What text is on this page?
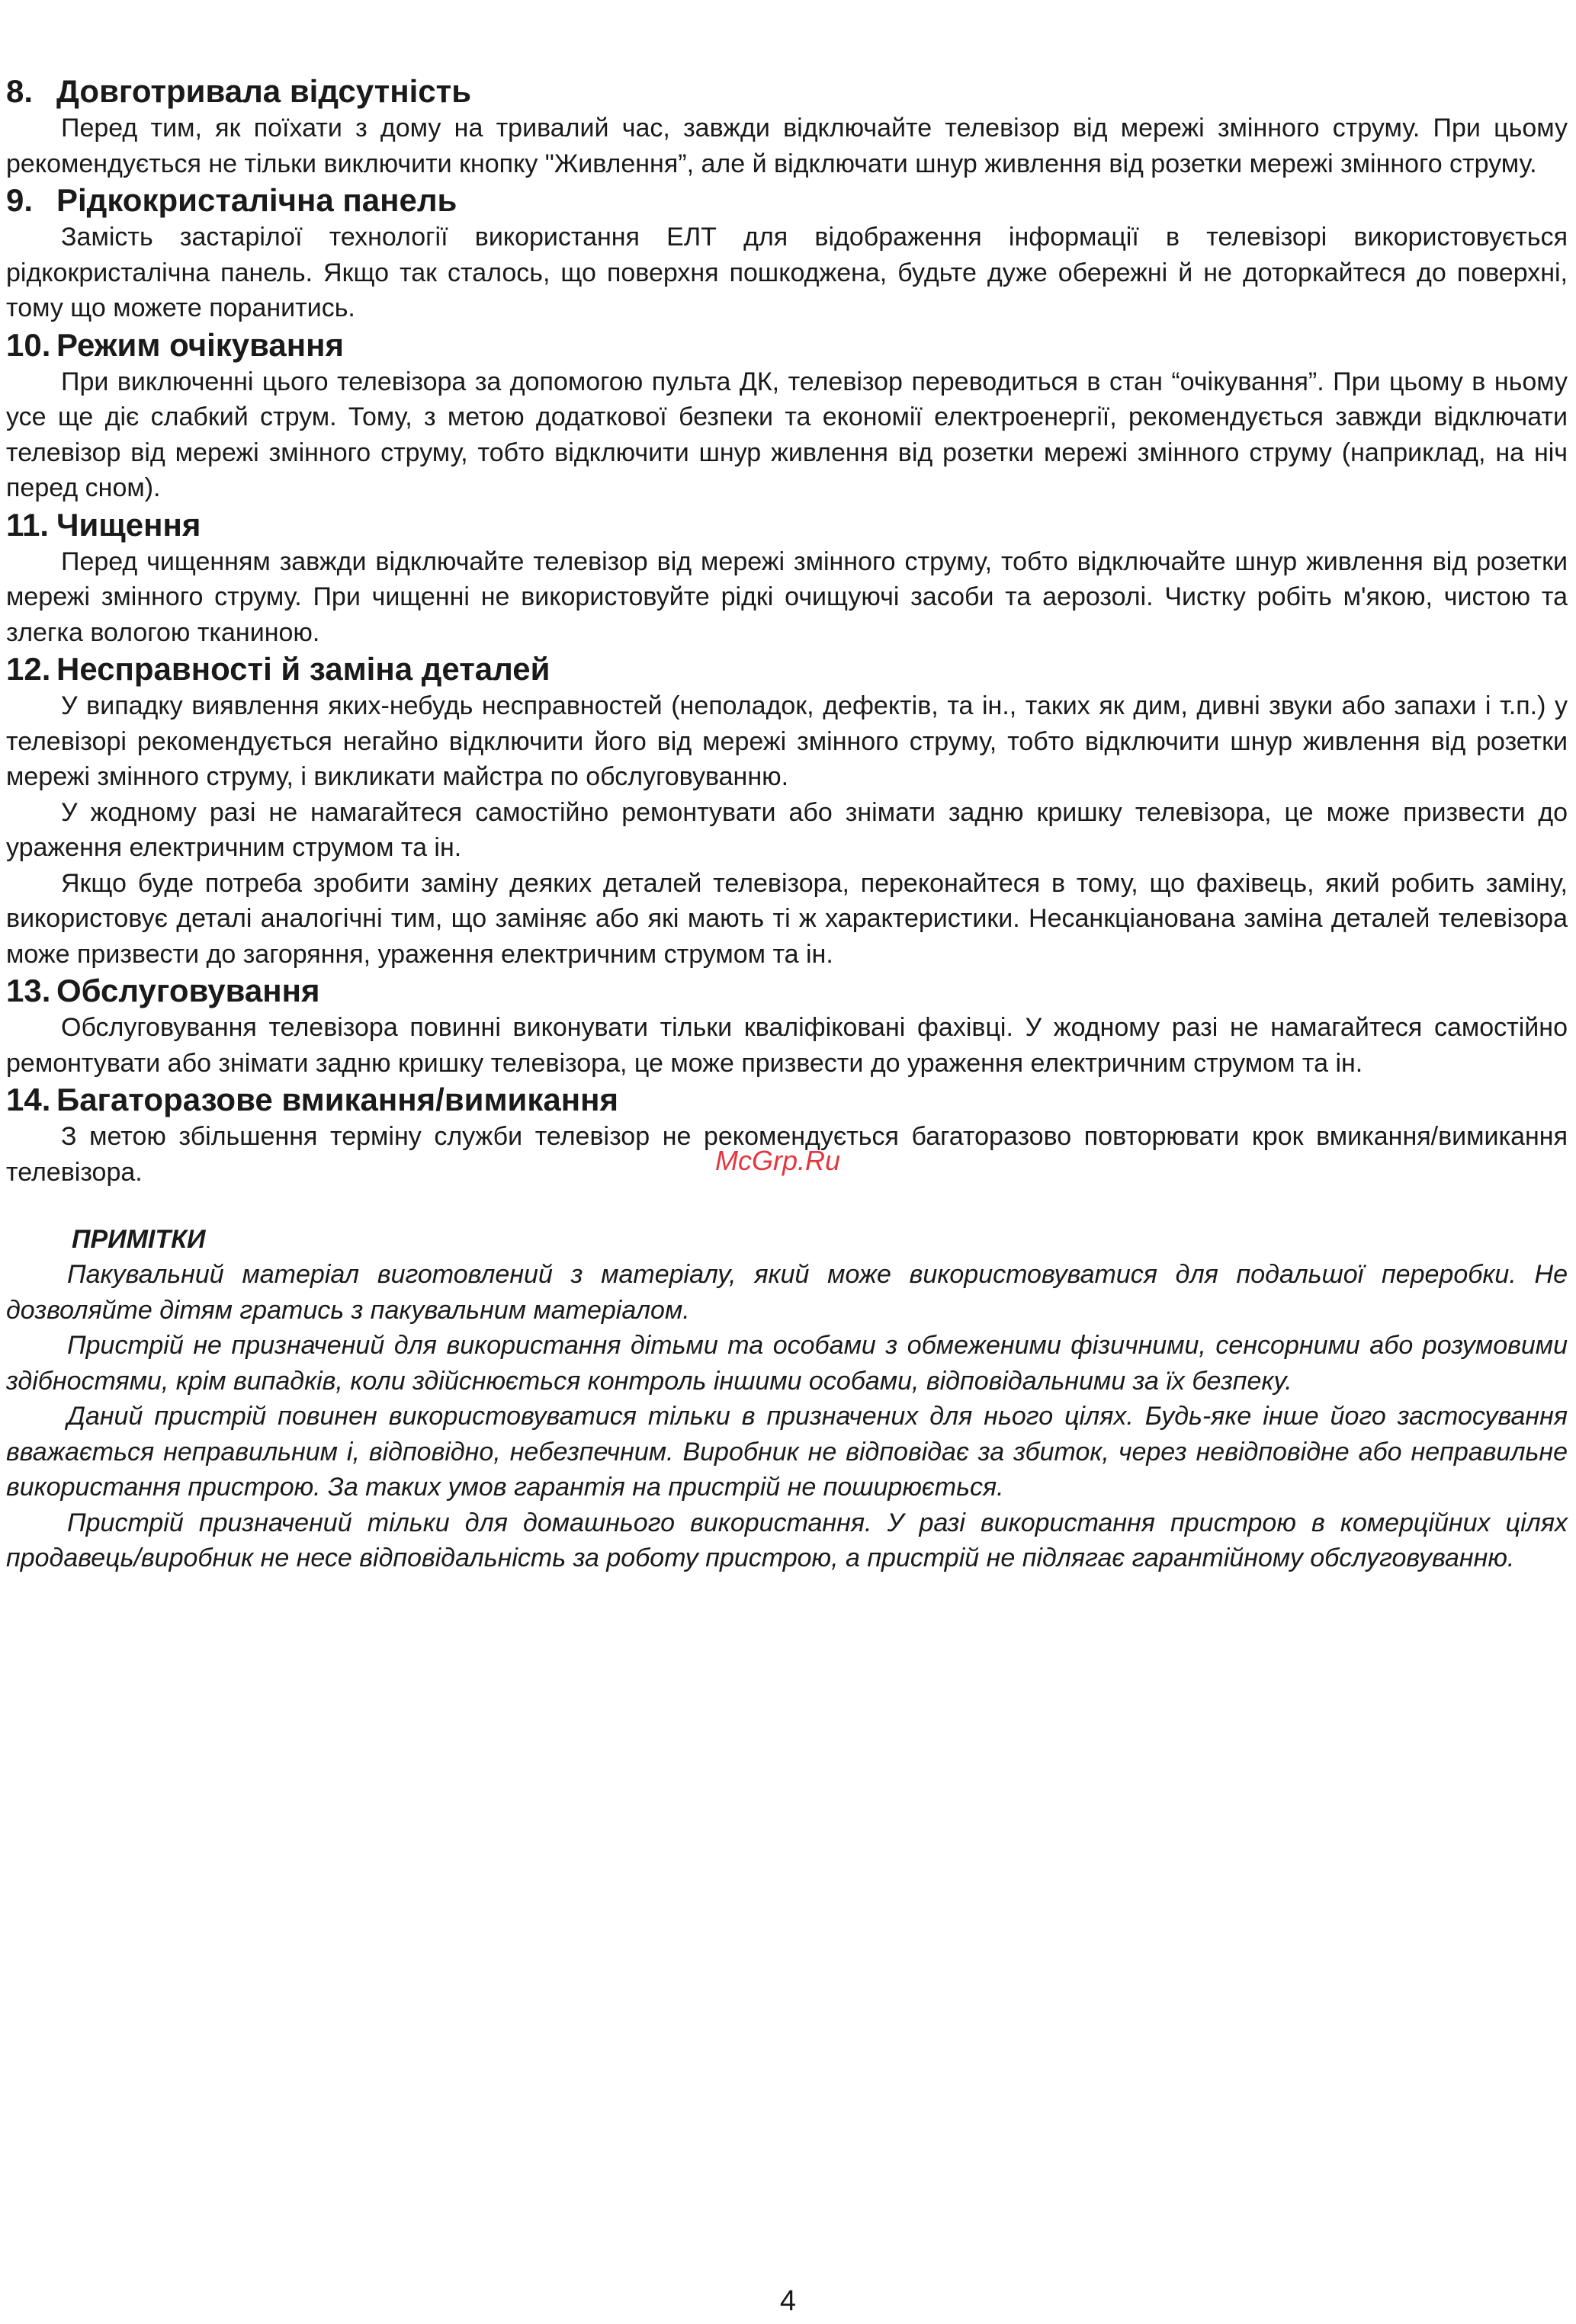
8. Довготривала відсутність

Перед тим, як поїхати з дому на тривалий час, завжди відключайте телевізор від мережі змінного струму. При цьому рекомендується не тільки виключити кнопку "Живлення”, але й відключати шнур живлення від розетки мережі змінного струму.

9. Рідкокристалічна панель

Замість застарілої технології використання ЕЛТ для відображення інформації в телевізорі використовується рідкокристалічна панель. Якщо так сталось, що поверхня пошкоджена, будьте дуже обережні й не доторкайтеся до поверхні, тому що можете поранитись.

10. Режим очікування

При виключенні цього телевізора за допомогою пульта ДК, телевізор переводиться в стан “очікування”. При цьому в ньому усе ще діє слабкий струм. Тому, з метою додаткової безпеки та економії електроенергії, рекомендується завжди відключати телевізор від мережі змінного струму, тобто відключити шнур живлення від розетки мережі змінного струму (наприклад, на ніч перед сном).

11. Чищення

Перед чищенням завжди відключайте телевізор від мережі змінного струму, тобто відключайте шнур живлення від розетки мережі змінного струму. При чищенні не використовуйте рідкі очищуючі засоби та аерозолі. Чистку робіть м'якою, чистою та злегка вологою тканиною.

12. Несправності й заміна деталей

У випадку виявлення яких-небудь несправностей (неполадок, дефектів, та ін., таких як дим, дивні звуки або запахи і т.п.) у телевізорі рекомендується негайно відключити його від мережі змінного струму, тобто відключити шнур живлення від розетки мережі змінного струму, і викликати майстра по обслуговуванню.

У жодному разі не намагайтеся самостійно ремонтувати або знімати задню кришку телевізора, це може призвести до ураження електричним струмом та ін.

Якщо буде потреба зробити заміну деяких деталей телевізора, переконайтеся в тому, що фахівець, який робить заміну, використовує деталі аналогічні тим, що заміняє або які мають ті ж характеристики. Несанкціанована заміна деталей телевізора може призвести до загоряння, ураження електричним струмом та ін.

13. Обслуговування

Обслуговування телевізора повинні виконувати тільки кваліфіковані фахівці. У жодному разі не намагайтеся самостійно ремонтувати або знімати задню кришку телевізора, це може призвести до ураження електричним струмом та ін.

14. Багаторазове вмикання/вимикання

З метою збільшення терміну служби телевізор не рекомендується багаторазово повторювати крок вмикання/вимикання телевізора.

ПРИМІТКИ

Пакувальний матеріал виготовлений з матеріалу, який може використовуватися для подальшої переробки. Не дозволяйте дітям гратись з пакувальним матеріалом.

Пристрій не призначений для використання дітьми та особами з обмеженими фізичними, сенсорними або розумовими здібностями, крім випадків, коли здійснюється контроль іншими особами, відповідальними за їх безпеку.

Даний пристрій повинен використовуватися тільки в призначених для нього цілях. Будь-яке інше його застосування вважається неправильним і, відповідно, небезпечним. Виробник не відповідає за збиток, через невідповідне або неправильне використання пристрою. За таких умов гарантія на пристрій не поширюється.

Пристрій призначений тільки для домашнього використання. У разі використання пристрою в комерційних цілях продавець/виробник не несе відповідальність за роботу пристрою, а пристрій не підлягає гарантійному обслуговуванню.

McGrp.Ru
4
